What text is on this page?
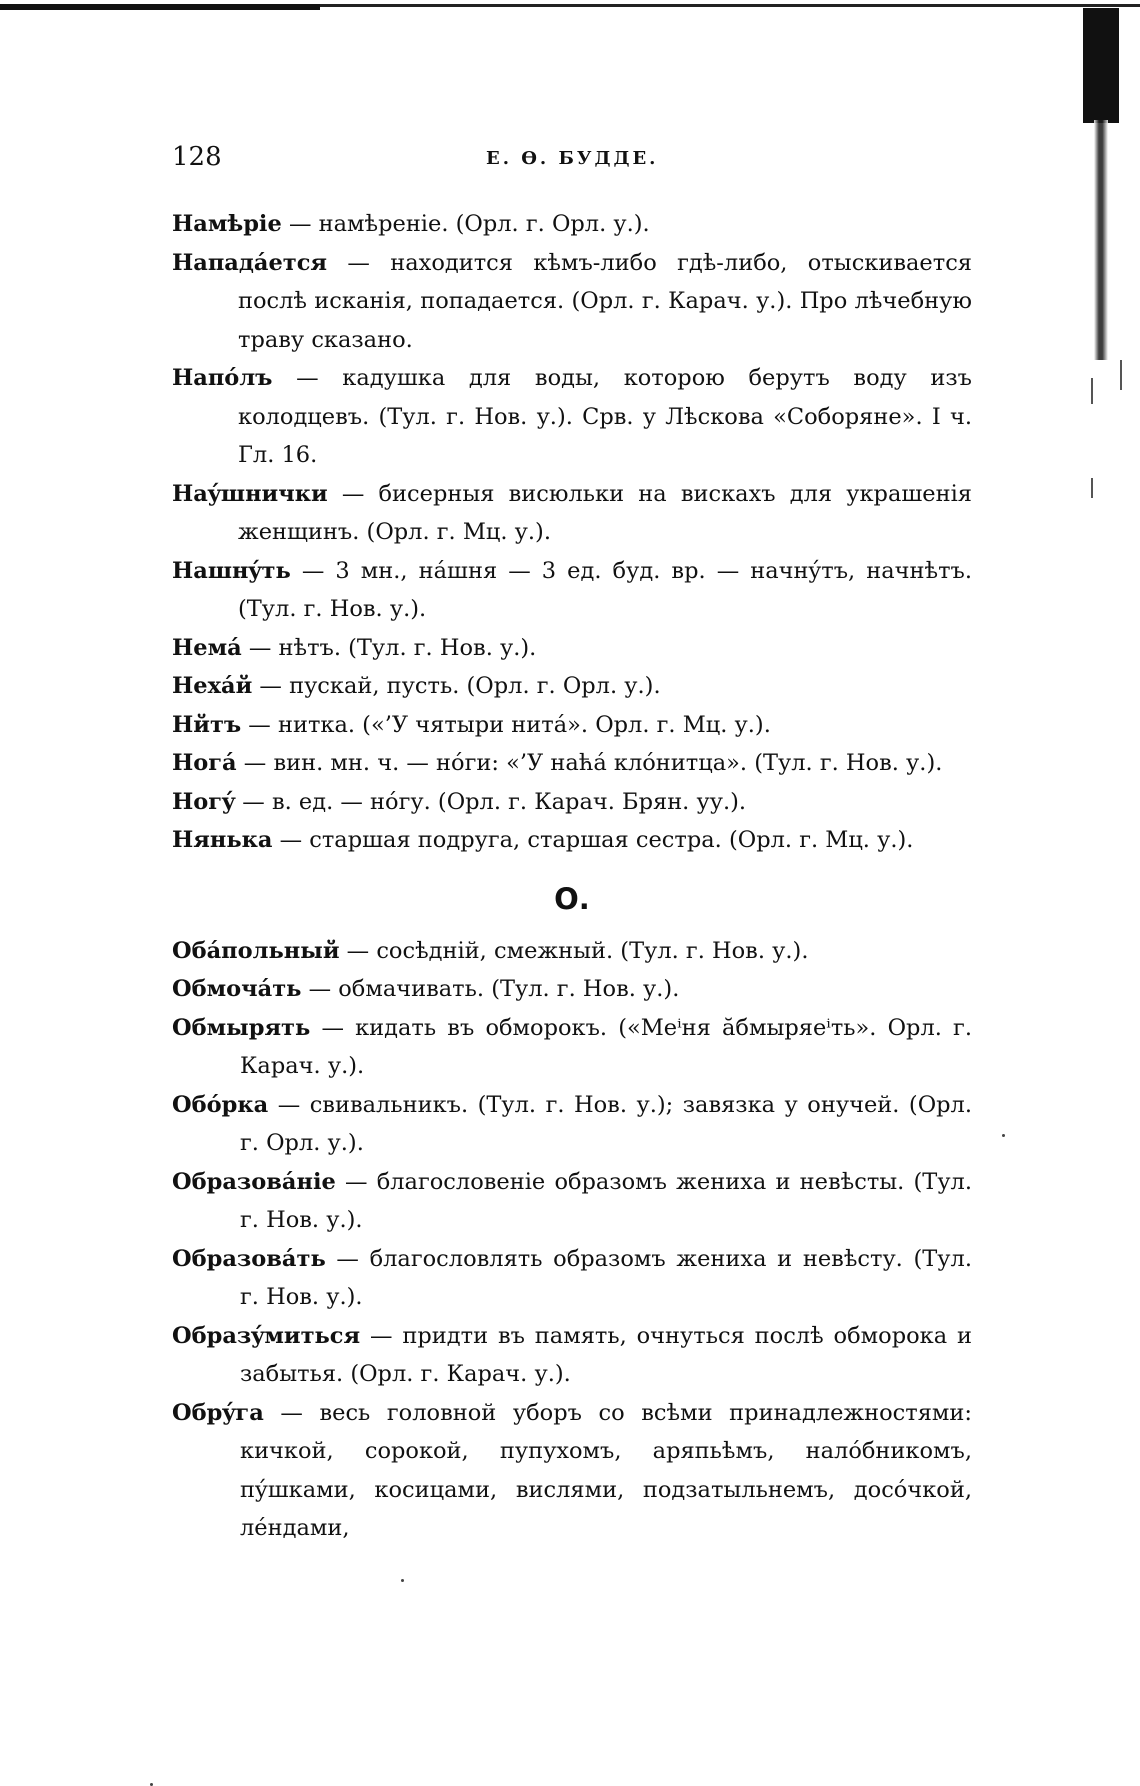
128	Е. Ѳ. БУДДЕ.

Намѣріе — намѣреніе. (Орл. г. Орл. у.).

Нападáется — находится кѣмъ-либо гдѣ-либо, отыскивается послѣ исканія, попадается. (Орл. г. Карач. у.). Про лѣчебную траву сказано.

Напóлъ — кадушка для воды, которою берутъ воду изъ колодцевъ. (Тул. г. Нов. у.). Срв. у Лѣскова «Соборяне». I ч. Гл. 16.

Наýшнички — бисерныя висюльки на вискахъ для украшенія женщинъ. (Орл. г. Мц. у.).

Нашнýть — 3 мн., нáшня — 3 ед. буд. вр. — начнýтъ, начнѣтъ. (Тул. г. Нов. у.).

Немá — нѣтъ. (Тул. г. Нов. у.).

Нехáй — пускай, пусть. (Орл. г. Орл. у.).

Нйтъ — нитка. («’У чятыри нитá». Орл. г. Мц. у.).

Ногá — вин. мн. ч. — нóги: «’У наћá клóнитца». (Тул. г. Нов. у.).

Ногý — в. ед. — нóгу. (Орл. г. Карач. Брян. уу.).

Нянька — старшая подруга, старшая сестра. (Орл. г. Мц. у.).

О.

Обáпольный — сосѣдній, смежный. (Тул. г. Нов. у.).

Обмочáть — обмачивать. (Тул. г. Нов. у.).

Обмырять — кидать въ обморокъ. («Меⁱня ăбмыряеⁱть». Орл. г. Карач. у.).

Обóрка — свивальникъ. (Тул. г. Нов. у.); завязка у онучей. (Орл. г. Орл. у.).

Образовáніе — благословеніе образомъ жениха и невѣсты. (Тул. г. Нов. у.).

Образовáть — благословлять образомъ жениха и невѣсту. (Тул. г. Нов. у.).

Образýмиться — придти въ память, очнуться послѣ обморока и забытья. (Орл. г. Карач. у.).

Обрýга — весь головной уборъ со всѣми принадлежностями: кичкой, сорокой, пупухомъ, аряпьѣмъ, налóбникомъ, пýшками, косицами, вислями, подзатыльнемъ, досóчкой, лéндами,
